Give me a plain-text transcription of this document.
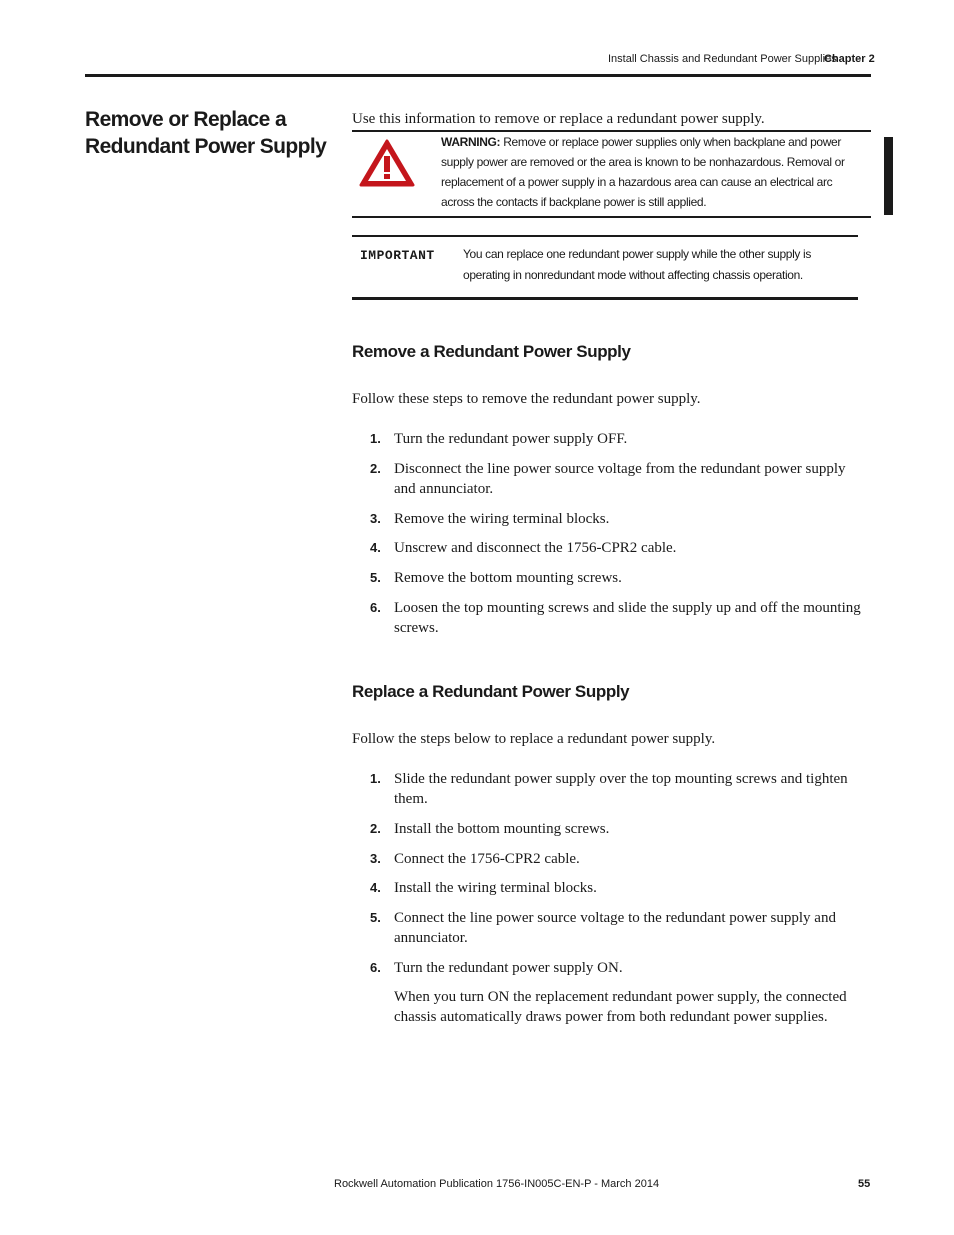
Install Chassis and Redundant Power Supplies
Chapter 2
Remove or Replace a Redundant Power Supply
Use this information to remove or replace a redundant power supply.
WARNING: Remove or replace power supplies only when backplane and power supply power are removed or the area is known to be nonhazardous. Removal or replacement of a power supply in a hazardous area can cause an electrical arc across the contacts if backplane power is still applied.
IMPORTANT You can replace one redundant power supply while the other supply is operating in nonredundant mode without affecting chassis operation.
Remove a Redundant Power Supply
Follow these steps to remove the redundant power supply.
1. Turn the redundant power supply OFF.
2. Disconnect the line power source voltage from the redundant power supply and annunciator.
3. Remove the wiring terminal blocks.
4. Unscrew and disconnect the 1756-CPR2 cable.
5. Remove the bottom mounting screws.
6. Loosen the top mounting screws and slide the supply up and off the mounting screws.
Replace a Redundant Power Supply
Follow the steps below to replace a redundant power supply.
1. Slide the redundant power supply over the top mounting screws and tighten them.
2. Install the bottom mounting screws.
3. Connect the 1756-CPR2 cable.
4. Install the wiring terminal blocks.
5. Connect the line power source voltage to the redundant power supply and annunciator.
6. Turn the redundant power supply ON.
When you turn ON the replacement redundant power supply, the connected chassis automatically draws power from both redundant power supplies.
Rockwell Automation Publication 1756-IN005C-EN-P - March 2014	55
